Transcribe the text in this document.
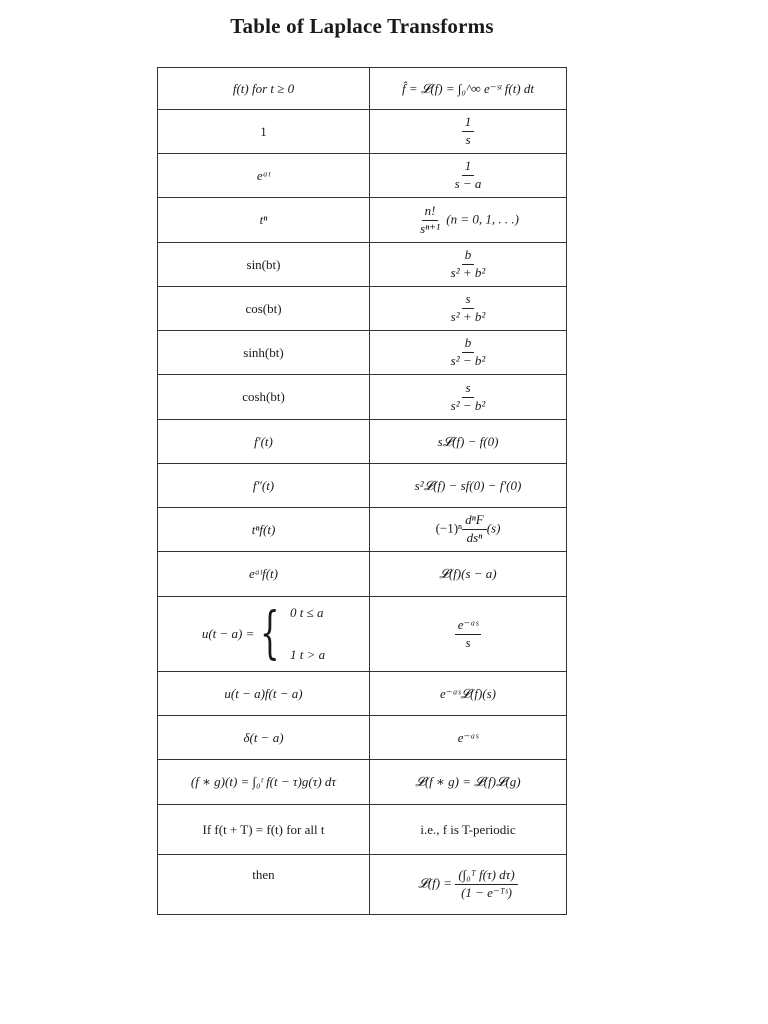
Table of Laplace Transforms
f(t) for t ≥ 0	f̂ = 𝓛(f) = ∫₀^∞ e⁻ˢᵗ f(t) dt
1	$\frac{1}{s}$

eᵃᵗ	$\frac{1}{s - a}$

tⁿ	$\frac{n!}{\text{sⁿ⁺¹}} (n = 0$, 1, . . .)
sin(bt)	$\frac{b}{\text{s² + b²}}$

cos(bt)	$\frac{s}{\text{s² + b²}}$

sinh(bt)	$\frac{b}{\text{s² − b²}}$

cosh(bt)	$\frac{s}{\text{s² − b²}}$

f′(t)	s𝓛(f) − f(0)
f″(t)	s²𝓛(f) − sf(0) − f′(0)
tⁿf(t)	$(-1)^n \frac{\text{dⁿF}}{\text{dsⁿ}} (s)$
eᵃᵗf(t)	𝓛(f)(s − a)

u(t − a) = { 0 t ≤ a
1 t > a	$\frac{\text{e⁻ᵃˢ}}{s}$

u(t − a)f(t − a)	e⁻ᵃˢ𝓛(f)(s)
δ(t − a)	e⁻ᵃˢ
(f ∗ g)(t) = ∫₀ᵗ f(t − τ)g(τ) dτ	𝓛(f ∗ g) = 𝓛(f)𝓛(g)
If f(t + T) = f(t) for all t	i.e., f is T-periodic
then	𝓛(f) = $\frac{\text{(∫₀ᵀ f(τ) dτ)}}{\text{(1 − e⁻ᵀˢ)}}$
